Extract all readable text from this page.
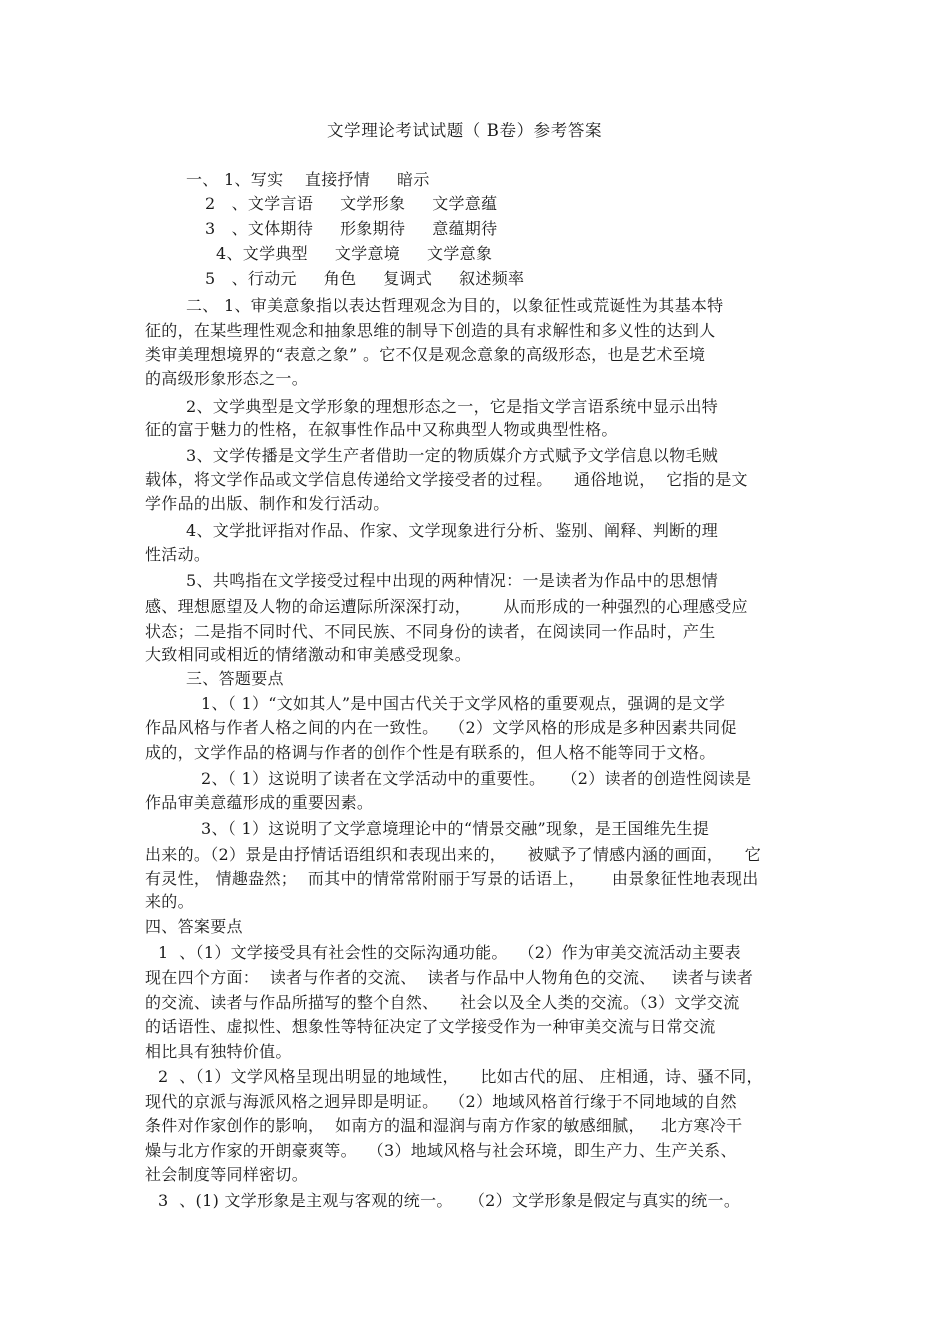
文学理论考试试题（ B卷）参考答案
一、 1、写实    直接抒情     暗示
2   、文学言语     文学形象     文学意蕴
3   、文体期待     形象期待     意蕴期待
4、文学典型     文学意境     文学意象
5   、行动元     角色     复调式     叙述频率
二、 1、审美意象指以表达哲理观念为目的，以象征性或荒诞性为其基本特
征的，在某些理性观念和抽象思维的制导下创造的具有求解性和多义性的达到人
类审美理想境界的“表意之象” 。它不仅是观念意象的高级形态，也是艺术至境
的高级形象形态之一。
2、文学典型是文学形象的理想形态之一，它是指文学言语系统中显示出特
征的富于魅力的性格，在叙事性作品中又称典型人物或典型性格。
3、文学传播是文学生产者借助一定的物质媒介方式赋予文学信息以物毛贼
载体，将文学作品或文学信息传递给文学接受者的过程。    通俗地说，  它指的是文
学作品的出版、制作和发行活动。
4、文学批评指对作品、作家、文学现象进行分析、鉴别、阐释、判断的理
性活动。
5、共鸣指在文学接受过程中出现的两种情况：一是读者为作品中的思想情
感、理想愿望及人物的命运遭际所深深打动，      从而形成的一种强烈的心理感受应
状态；二是指不同时代、不同民族、不同身份的读者，在阅读同一作品时，产生
大致相同或相近的情绪激动和审美感受现象。
三、答题要点
1、（ 1）“文如其人”是中国古代关于文学风格的重要观点，强调的是文学
作品风格与作者人格之间的内在一致性。  （2）文学风格的形成是多种因素共同促
成的，文学作品的格调与作者的创作个性是有联系的，但人格不能等同于文格。
2、（ 1）这说明了读者在文学活动中的重要性。   （2）读者的创造性阅读是
作品审美意蕴形成的重要因素。
3、（ 1）这说明了文学意境理论中的“情景交融”现象，是王国维先生提
出来的。（2）景是由抒情话语组织和表现出来的，    被赋予了情感内涵的画面，    它
有灵性， 情趣盎然；  而其中的情常常附丽于写景的话语上，     由景象征性地表现出
来的。
四、答案要点
1  、（1）文学接受具有社会性的交际沟通功能。  （2）作为审美交流活动主要表
现在四个方面：  读者与作者的交流、  读者与作品中人物角色的交流、   读者与读者
的交流、读者与作品所描写的整个自然、    社会以及全人类的交流。（3）文学交流
的话语性、虚拟性、想象性等特征决定了文学接受作为一种审美交流与日常交流
相比具有独特价值。
2  、（1）文学风格呈现出明显的地域性，    比如古代的屈、 庄相通，诗、骚不同，
现代的京派与海派风格之迥异即是明证。  （2）地域风格首行缘于不同地域的自然
条件对作家创作的影响，  如南方的温和湿润与南方作家的敏感细腻，   北方寒冷干
燥与北方作家的开朗豪爽等。  （3）地域风格与社会环境，即生产力、生产关系、
社会制度等同样密切。
3  、(1) 文学形象是主观与客观的统一。   （2）文学形象是假定与真实的统一。
